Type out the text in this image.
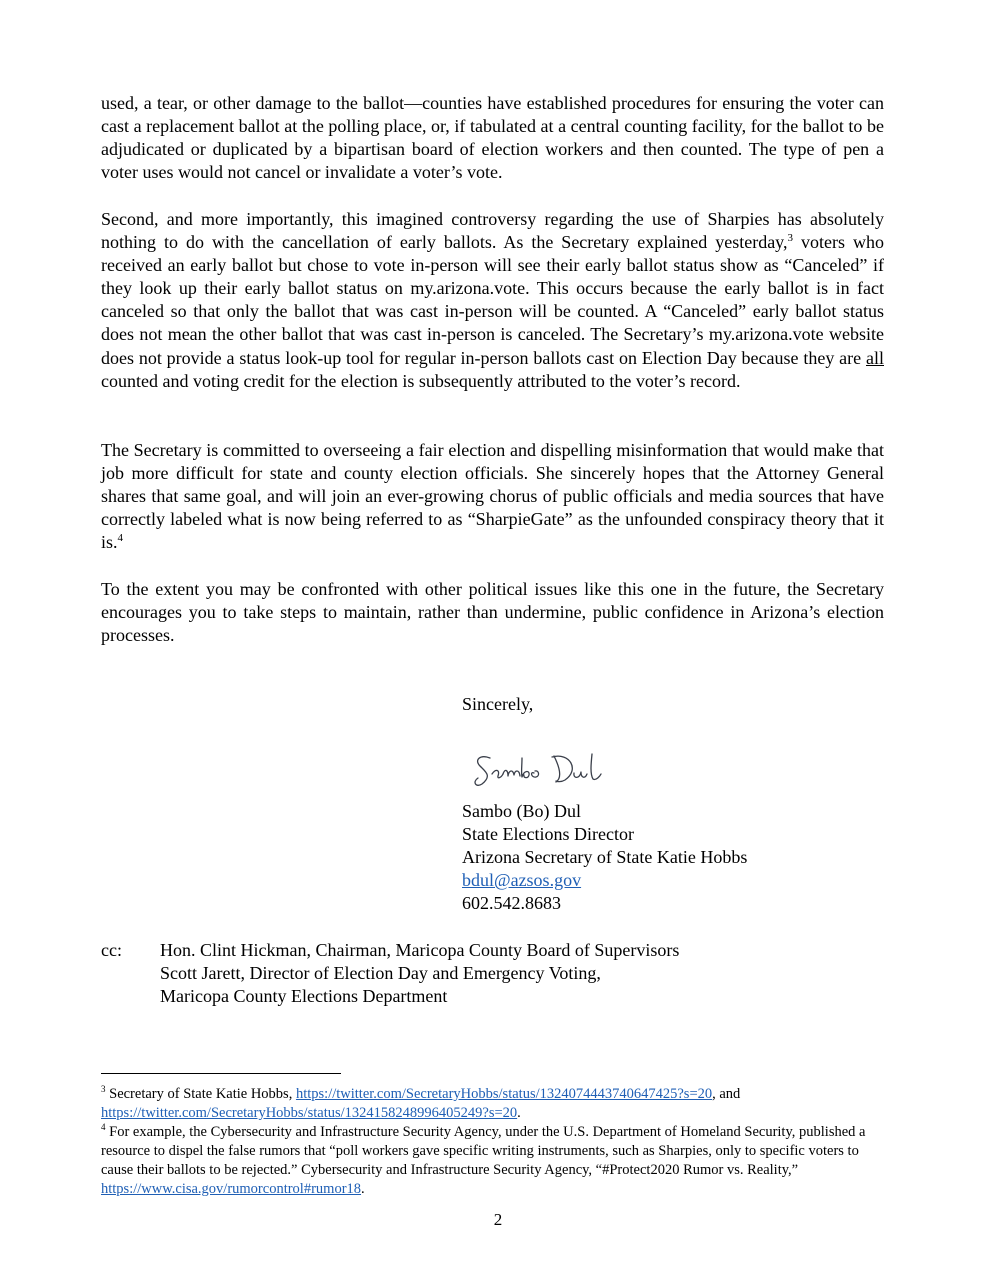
used, a tear, or other damage to the ballot—counties have established procedures for ensuring the voter can cast a replacement ballot at the polling place, or, if tabulated at a central counting facility, for the ballot to be adjudicated or duplicated by a bipartisan board of election workers and then counted. The type of pen a voter uses would not cancel or invalidate a voter’s vote.

Second, and more importantly, this imagined controversy regarding the use of Sharpies has absolutely nothing to do with the cancellation of early ballots. As the Secretary explained yesterday,$^3$ voters who received an early ballot but chose to vote in-person will see their early ballot status show as “Canceled” if they look up their early ballot status on my.arizona.vote. This occurs because the early ballot is in fact canceled so that only the ballot that was cast in-person will be counted. A “Canceled” early ballot status does not mean the other ballot that was cast in-person is canceled. The Secretary’s my.arizona.vote website does not provide a status look-up tool for regular in-person ballots cast on Election Day because they are all counted and voting credit for the election is subsequently attributed to the voter’s record.

The Secretary is committed to overseeing a fair election and dispelling misinformation that would make that job more difficult for state and county election officials. She sincerely hopes that the Attorney General shares that same goal, and will join an ever-growing chorus of public officials and media sources that have correctly labeled what is now being referred to as “SharpieGate” as the unfounded conspiracy theory that it is.$^4$

To the extent you may be confronted with other political issues like this one in the future, the Secretary encourages you to take steps to maintain, rather than undermine, public confidence in Arizona’s election processes.

Sincerely,
Sambo (Bo) Dul
State Elections Director
Arizona Secretary of State Katie Hobbs
bdul@azsos.gov
602.542.8683
cc: Hon. Clint Hickman, Chairman, Maricopa County Board of Supervisors
Scott Jarett, Director of Election Day and Emergency Voting,
Maricopa County Elections Department

$^3$ Secretary of State Katie Hobbs, https://twitter.com/SecretaryHobbs/status/1324074443740647425?s=20, and
https://twitter.com/SecretaryHobbs/status/1324158248996405249?s=20.

$^4$ For example, the Cybersecurity and Infrastructure Security Agency, under the U.S. Department of Homeland Security, published a resource to dispel the false rumors that “poll workers gave specific writing instruments, such as Sharpies, only to specific voters to cause their ballots to be rejected.” Cybersecurity and Infrastructure Security Agency, “#Protect2020 Rumor vs. Reality,” https://www.cisa.gov/rumorcontrol#rumor18.

2
